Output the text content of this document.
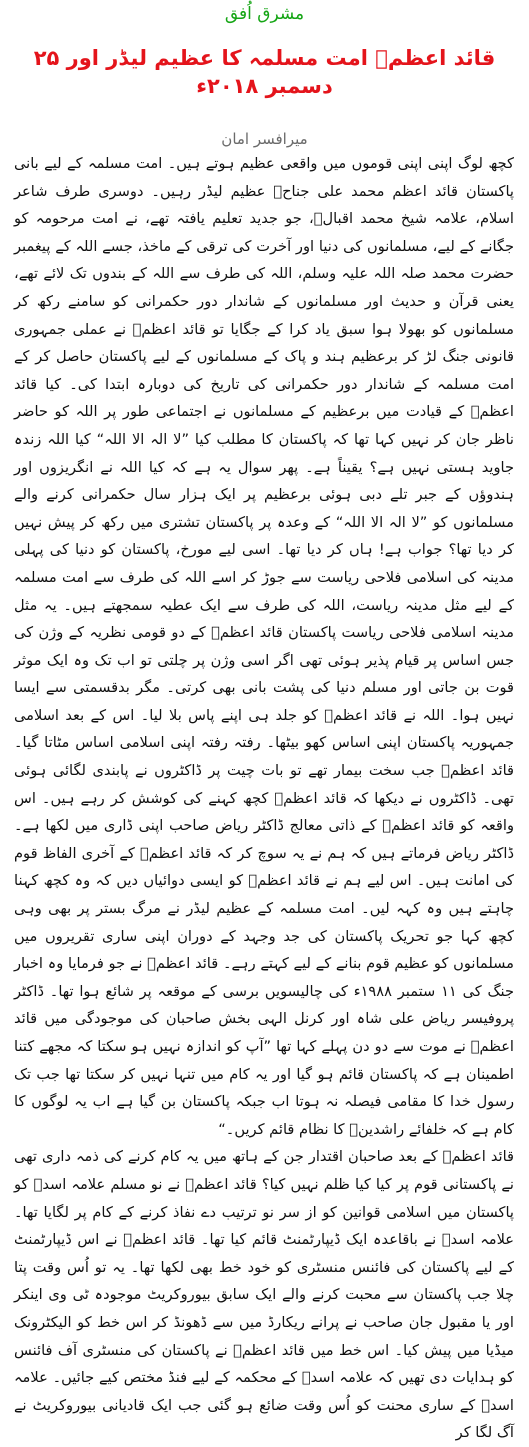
مشرق اُفق
قائد اعظمؒ امت مسلمہ کا عظیم لیڈر اور ۲۵ دسمبر ۲۰۱۸ء
میرافسر امان

کچھ لوگ اپنی اپنی قوموں میں واقعی عظیم ہوتے ہیں۔ امت مسلمہ کے لیے بانی پاکستان قائد اعظم محمد علی جناحؒ عظیم لیڈر رہیں۔ دوسری طرف شاعر اسلام، علامہ شیخ محمد اقبالؒ، جو جدید تعلیم یافتہ تھے، نے امت مرحومہ کو جگانے کے لیے، مسلمانوں کی دنیا اور آخرت کی ترقی کے ماخذ، جسے اللہ کے پیغمبر حضرت محمد صلہ اللہ علیہ وسلم، اللہ کی طرف سے اللہ کے بندوں تک لائے تھے، یعنی قرآن و حدیث اور مسلمانوں کے شاندار دور حکمرانی کو سامنے رکھ کر مسلمانوں کو بھولا ہوا سبق یاد کرا کے جگایا تو قائد اعظمؒ نے عملی جمہوری قانونی جنگ لڑ کر برعظیم ہند و پاک کے مسلمانوں کے لیے پاکستان حاصل کر کے امت مسلمہ کے شاندار دور حکمرانی کی تاریخ کی دوبارہ ابتدا کی۔ کیا قائد اعظمؒ کے قیادت میں برعظیم کے مسلمانوں نے اجتماعی طور پر اللہ کو حاضر ناظر جان کر نہیں کہا تھا کہ پاکستان کا مطلب کیا ”لا الہ الا اللہ“ کیا اللہ زندہ جاوید ہستی نہیں ہے؟ یقیناً ہے۔ پھر سوال یہ ہے کہ کیا اللہ نے انگریزوں اور ہندوؤں کے جبر تلے دبی ہوئی برعظیم پر ایک ہزار سال حکمرانی کرنے والے مسلمانوں کو ”لا الہ الا اللہ“ کے وعدہ پر پاکستان تشتری میں رکھ کر پیش نہیں کر دیا تھا؟ جواب ہے! ہاں کر دیا تھا۔ اسی لیے مورخ، پاکستان کو دنیا کی پہلی مدینہ کی اسلامی فلاحی ریاست سے جوڑ کر اسے اللہ کی طرف سے امت مسلمہ کے لیے مثل مدینہ ریاست، اللہ کی طرف سے ایک عطیہ سمجھتے ہیں۔ یہ مثل مدینہ اسلامی فلاحی ریاست پاکستان قائد اعظمؒ کے دو قومی نظریہ کے وژن کی جس اساس پر قیام پذیر ہوئی تھی اگر اسی وژن پر چلتی تو اب تک وہ ایک موثر قوت بن جاتی اور مسلم دنیا کی پشت بانی بھی کرتی۔ مگر بدقسمتی سے ایسا نہیں ہوا۔ اللہ نے قائد اعظمؒ کو جلد ہی اپنے پاس بلا لیا۔ اس کے بعد اسلامی جمہوریہ پاکستان اپنی اساس کھو بیٹھا۔ رفتہ رفتہ اپنی اسلامی اساس مٹاتا گیا۔ قائد اعظمؒ جب سخت بیمار تھے تو بات چیت پر ڈاکٹروں نے پابندی لگائی ہوئی تھی۔ ڈاکٹروں نے دیکھا کہ قائد اعظمؒ کچھ کہنے کی کوشش کر رہے ہیں۔ اس واقعہ کو قائد اعظمؒ کے ذاتی معالج ڈاکٹر ریاض صاحب اپنی ڈاری میں لکھا ہے۔ ڈاکٹر ریاض فرماتے ہیں کہ ہم نے یہ سوچ کر کہ قائد اعظمؒ کے آخری الفاظ قوم کی امانت ہیں۔ اس لیے ہم نے قائد اعظمؒ کو ایسی دوائیاں دیں کہ وہ کچھ کہنا چاہتے ہیں وہ کہہ لیں۔ امت مسلمہ کے عظیم لیڈر نے مرگ بستر پر بھی وہی کچھ کہا جو تحریک پاکستان کی جد وجہد کے دوران اپنی ساری تقریروں میں مسلمانوں کو عظیم قوم بنانے کے لیے کہتے رہے۔ قائد اعظمؒ نے جو فرمایا وہ اخبار جنگ کی ۱۱ ستمبر ۱۹۸۸ء کی چالیسویں برسی کے موقعہ پر شائع ہوا تھا۔ ڈاکٹر پروفیسر ریاض علی شاہ اور کرنل الہی بخش صاحبان کی موجودگی میں قائد اعظمؒ نے موت سے دو دن پہلے کہا تھا ”آپ کو اندازہ نہیں ہو سکتا کہ مجھے کتنا اطمینان ہے کہ پاکستان قائم ہو گیا اور یہ کام میں تنہا نہیں کر سکتا تھا جب تک رسول خدا کا مقامی فیصلہ نہ ہوتا اب جبکہ پاکستان بن گیا ہے اب یہ لوگوں کا کام ہے کہ خلفائے راشدینؓ کا نظام قائم کریں۔“

قائد اعظمؒ کے بعد صاحبان اقتدار جن کے ہاتھ میں یہ کام کرنے کی ذمہ داری تھی نے پاکستانی قوم پر کیا کیا ظلم نہیں کیا؟ قائد اعظمؒ نے نو مسلم علامہ اسدؒ کو پاکستان میں اسلامی قوانین کو از سر نو ترتیب دے نفاذ کرنے کے کام پر لگایا تھا۔ علامہ اسدؒ نے باقاعدہ ایک ڈیپارٹمنٹ قائم کیا تھا۔ قائد اعظمؒ نے اس ڈیپارٹمنٹ کے لیے پاکستان کی فائنس منسٹری کو خود خط بھی لکھا تھا۔ یہ تو اُس وقت پتا چلا جب پاکستان سے محبت کرنے والے ایک سابق بیوروکریٹ موجودہ ٹی وی اینکر اور یا مقبول جان صاحب نے پرانے ریکارڈ میں سے ڈھونڈ کر اس خط کو الیکٹرونک میڈیا میں پیش کیا۔ اس خط میں قائد اعظمؒ نے پاکستان کی منسٹری آف فائنس کو ہدایات دی تھیں کہ علامہ اسدؒ کے محکمہ کے لیے فنڈ مختص کیے جائیں۔ علامہ اسدؒ کے ساری محنت کو اُس وقت ضائع ہو گئی جب ایک قادیانی بیوروکریٹ نے آگ لگا کر
